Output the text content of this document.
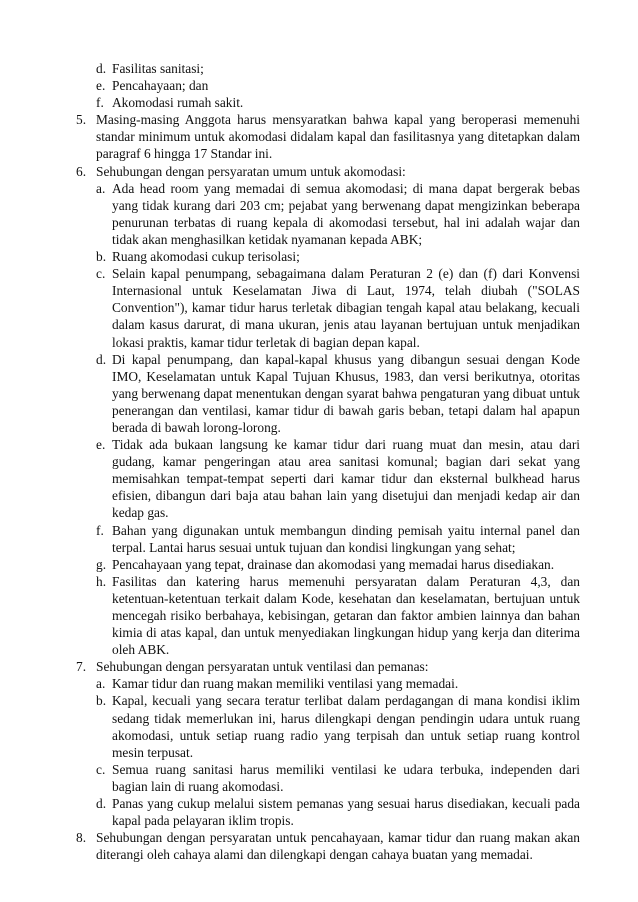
d. Fasilitas sanitasi;
e. Pencahayaan; dan
f. Akomodasi rumah sakit.
5. Masing-masing Anggota harus mensyaratkan bahwa kapal yang beroperasi memenuhi standar minimum untuk akomodasi didalam kapal dan fasilitasnya yang ditetapkan dalam paragraf 6 hingga 17 Standar ini.
6. Sehubungan dengan persyaratan umum untuk akomodasi:
a. Ada head room yang memadai di semua akomodasi; di mana dapat bergerak bebas yang tidak kurang dari 203 cm; pejabat yang berwenang dapat mengizinkan beberapa penurunan terbatas di ruang kepala di akomodasi tersebut, hal ini adalah wajar dan tidak akan menghasilkan ketidak nyamanan kepada ABK;
b. Ruang akomodasi cukup terisolasi;
c. Selain kapal penumpang, sebagaimana dalam Peraturan 2 (e) dan (f) dari Konvensi Internasional untuk Keselamatan Jiwa di Laut, 1974, telah diubah ("SOLAS Convention"), kamar tidur harus terletak dibagian tengah kapal atau belakang, kecuali dalam kasus darurat, di mana ukuran, jenis atau layanan bertujuan untuk menjadikan lokasi praktis, kamar tidur terletak di bagian depan kapal.
d. Di kapal penumpang, dan kapal-kapal khusus yang dibangun sesuai dengan Kode IMO, Keselamatan untuk Kapal Tujuan Khusus, 1983, dan versi berikutnya, otoritas yang berwenang dapat menentukan dengan syarat bahwa pengaturan yang dibuat untuk penerangan dan ventilasi, kamar tidur di bawah garis beban, tetapi dalam hal apapun berada di bawah lorong-lorong.
e. Tidak ada bukaan langsung ke kamar tidur dari ruang muat dan mesin, atau dari gudang, kamar pengeringan atau area sanitasi komunal; bagian dari sekat yang memisahkan tempat-tempat seperti dari kamar tidur dan eksternal bulkhead harus efisien, dibangun dari baja atau bahan lain yang disetujui dan menjadi kedap air dan kedap gas.
f. Bahan yang digunakan untuk membangun dinding pemisah yaitu internal panel dan terpal. Lantai harus sesuai untuk tujuan dan kondisi lingkungan yang sehat;
g. Pencahayaan yang tepat, drainase dan akomodasi yang memadai harus disediakan.
h. Fasilitas dan katering harus memenuhi persyaratan dalam Peraturan 4,3, dan ketentuan-ketentuan terkait dalam Kode, kesehatan dan keselamatan, bertujuan untuk mencegah risiko berbahaya, kebisingan, getaran dan faktor ambien lainnya dan bahan kimia di atas kapal, dan untuk menyediakan lingkungan hidup yang kerja dan diterima oleh ABK.
7. Sehubungan dengan persyaratan untuk ventilasi dan pemanas:
a. Kamar tidur dan ruang makan memiliki ventilasi yang memadai.
b. Kapal, kecuali yang secara teratur terlibat dalam perdagangan di mana kondisi iklim sedang tidak memerlukan ini, harus dilengkapi dengan pendingin udara untuk ruang akomodasi, untuk setiap ruang radio yang terpisah dan untuk setiap ruang kontrol mesin terpusat.
c. Semua ruang sanitasi harus memiliki ventilasi ke udara terbuka, independen dari bagian lain di ruang akomodasi.
d. Panas yang cukup melalui sistem pemanas yang sesuai harus disediakan, kecuali pada kapal pada pelayaran iklim tropis.
8. Sehubungan dengan persyaratan untuk pencahayaan, kamar tidur dan ruang makan akan diterangi oleh cahaya alami dan dilengkapi dengan cahaya buatan yang memadai.
